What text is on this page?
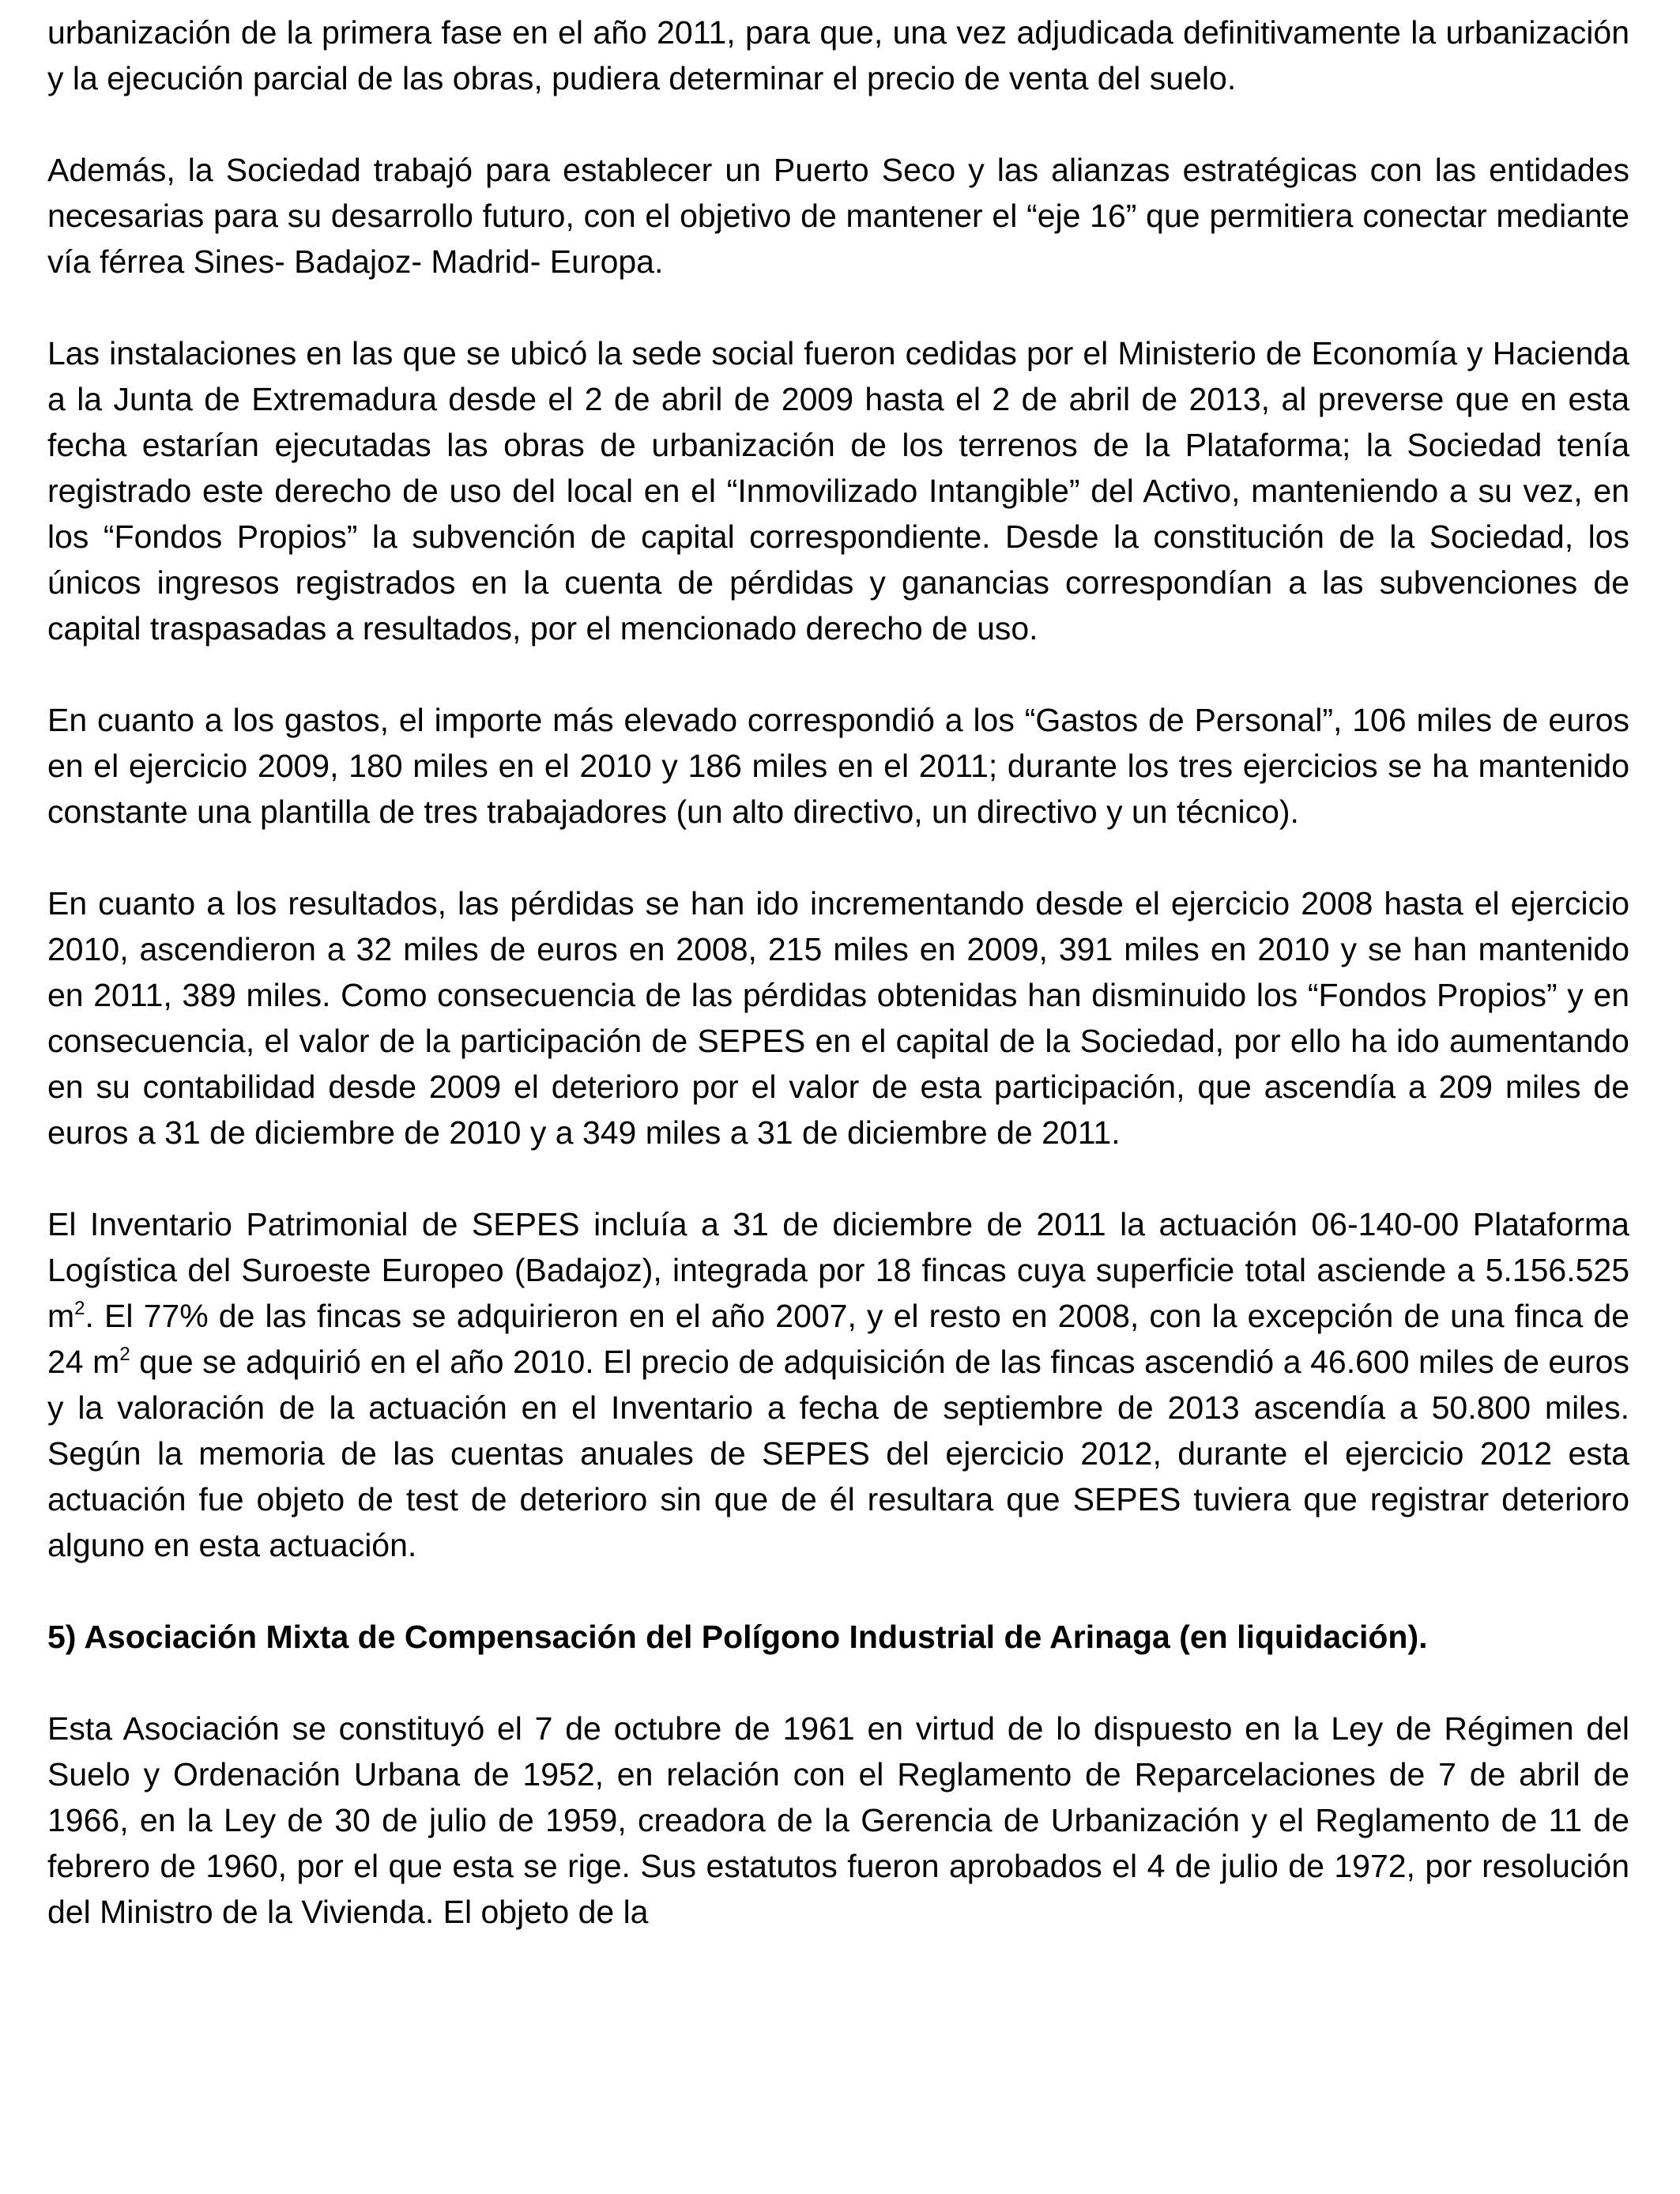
urbanización de la primera fase en el año 2011, para que, una vez adjudicada definitivamente la urbanización y la ejecución parcial de las obras, pudiera determinar el precio de venta del suelo.

Además, la Sociedad trabajó para establecer un Puerto Seco y las alianzas estratégicas con las entidades necesarias para su desarrollo futuro, con el objetivo de mantener el “eje 16” que permitiera conectar mediante vía férrea Sines- Badajoz- Madrid- Europa.

Las instalaciones en las que se ubicó la sede social fueron cedidas por el Ministerio de Economía y Hacienda a la Junta de Extremadura desde el 2 de abril de 2009 hasta el 2 de abril de 2013, al preverse que en esta fecha estarían ejecutadas las obras de urbanización de los terrenos de la Plataforma; la Sociedad tenía registrado este derecho de uso del local en el “Inmovilizado Intangible” del Activo, manteniendo a su vez, en los “Fondos Propios” la subvención de capital correspondiente. Desde la constitución de la Sociedad, los únicos ingresos registrados en la cuenta de pérdidas y ganancias correspondían a las subvenciones de capital traspasadas a resultados, por el mencionado derecho de uso.

En cuanto a los gastos, el importe más elevado correspondió a los “Gastos de Personal”, 106 miles de euros en el ejercicio 2009, 180 miles en el 2010 y 186 miles en el 2011; durante los tres ejercicios se ha mantenido constante una plantilla de tres trabajadores (un alto directivo, un directivo y un técnico).

En cuanto a los resultados, las pérdidas se han ido incrementando desde el ejercicio 2008 hasta el ejercicio 2010, ascendieron a 32 miles de euros en 2008, 215 miles en 2009, 391 miles en 2010 y se han mantenido en 2011, 389 miles. Como consecuencia de las pérdidas obtenidas han disminuido los “Fondos Propios” y en consecuencia, el valor de la participación de SEPES en el capital de la Sociedad, por ello ha ido aumentando en su contabilidad desde 2009 el deterioro por el valor de esta participación, que ascendía a 209 miles de euros a 31 de diciembre de 2010 y a 349 miles a 31 de diciembre de 2011.

El Inventario Patrimonial de SEPES incluía a 31 de diciembre de 2011 la actuación 06-140-00 Plataforma Logística del Suroeste Europeo (Badajoz), integrada por 18 fincas cuya superficie total asciende a 5.156.525 $m^2$. El 77% de las fincas se adquirieron en el año 2007, y el resto en 2008, con la excepción de una finca de 24 $m^2$ que se adquirió en el año 2010. El precio de adquisición de las fincas ascendió a 46.600 miles de euros y la valoración de la actuación en el Inventario a fecha de septiembre de 2013 ascendía a 50.800 miles. Según la memoria de las cuentas anuales de SEPES del ejercicio 2012, durante el ejercicio 2012 esta actuación fue objeto de test de deterioro sin que de él resultara que SEPES tuviera que registrar deterioro alguno en esta actuación.

5) Asociación Mixta de Compensación del Polígono Industrial de Arinaga (en liquidación).

Esta Asociación se constituyó el 7 de octubre de 1961 en virtud de lo dispuesto en la Ley de Régimen del Suelo y Ordenación Urbana de 1952, en relación con el Reglamento de Reparcelaciones de 7 de abril de 1966, en la Ley de 30 de julio de 1959, creadora de la Gerencia de Urbanización y el Reglamento de 11 de febrero de 1960, por el que esta se rige. Sus estatutos fueron aprobados el 4 de julio de 1972, por resolución del Ministro de la Vivienda. El objeto de la
